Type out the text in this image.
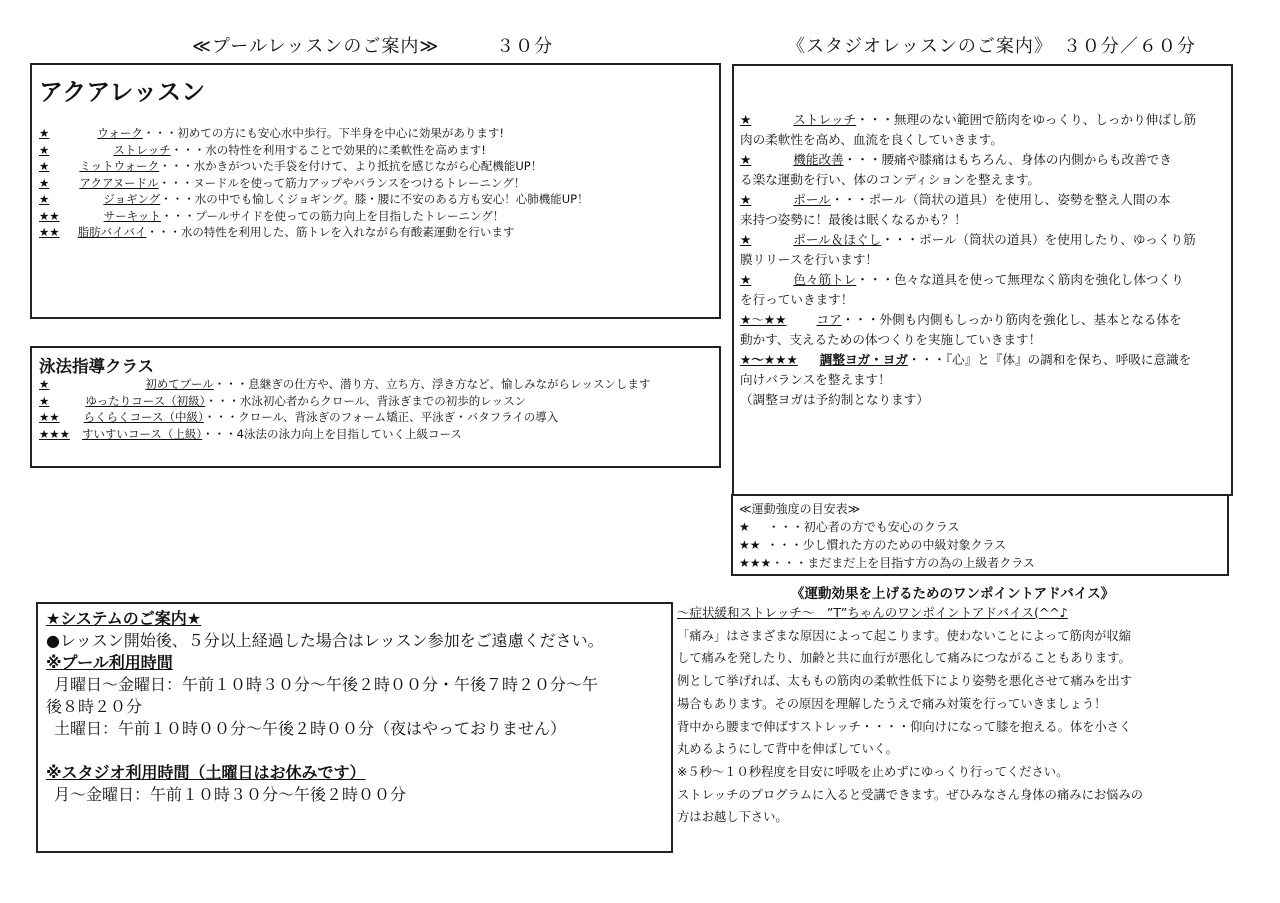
≪プールレッスンのご案内≫　　　３０分	《スタジオレッスンのご案内》　３０分／６０分
アクアレッスン
★	ウォーク・・・初めての方にも安心水中歩行。下半身を中心に効果があります!
★	ストレッチ・・・水の特性を利用することで効果的に柔軟性を高めます!
★	ミットウォーク・・・水かきがついた手袋を付けて、より抵抗を感じながら心配機能UP！
★	アクアヌードル・・・ヌードルを使って筋力アップやバランスをつけるトレーニング！
★	ジョギング・・・水の中でも愉しくジョギング。膝・腰に不安のある方も安心！心肺機能UP！
★★	サーキット・・・プールサイドを使っての筋力向上を目指したトレーニング！
★★ 脂肪バイバイ・・・水の特性を利用した、筋トレを入れながら有酸素運動を行います
泳法指導クラス
★	初めてプール・・・息継ぎの仕方や、潜り方、立ち方、浮き方など、愉しみながらレッスンします
★	ゆったりコース（初級）・・・水泳初心者からクロール、背泳ぎまでの初歩的レッスン
★★ らくらくコース（中級）・・・クロール、背泳ぎのフォーム矯正、平泳ぎ・バタフライの導入
★★★ すいすいコース（上級）・・・4泳法の泳力向上を目指していく上級コース
★	ストレッチ・・・無理のない範囲で筋肉をゆっくり、しっかり伸ばし筋
肉の柔軟性を高め、血流を良くしていきます。
★	機能改善・・・腰痛や膝痛はもちろん、身体の内側からも改善でき
る楽な運動を行い、体のコンディションを整えます。
★	ポール・・・ポール（筒状の道具）を使用し、姿勢を整え人間の本
来持つ姿勢に！最後は眠くなるかも？！
★	ポール＆ほぐし・・・ポール（筒状の道具）を使用したり、ゆっくり筋
膜リリースを行います！
★	色々筋トレ・・・色々な道具を使って無理なく筋肉を強化し体つくり
を行っていきます！
★～★★ コア・・・外側も内側もしっかり筋肉を強化し、基本となる体を
動かす、支えるための体つくりを実施していきます！
★～★★★ 調整ヨガ・ヨガ・・・『心』と『体』の調和を保ち、呼吸に意識を
向けバランスを整えます！
（調整ヨガは予約制となります）
≪運動強度の目安表≫
★ ・・・初心者の方でも安心のクラス
★★ ・・・少し慣れた方のための中級対象クラス
★★★・・・まだまだ上を目指す方の為の上級者クラス
★システムのご案内★
●レッスン開始後、５分以上経過した場合はレッスン参加をご遠慮ください。
※プール利用時間
月曜日～金曜日：午前１０時３０分～午後２時００分・午後７時２０分～午
後８時２０分
土曜日：午前１０時００分～午後２時００分（夜はやっておりません）
※スタジオ利用時間（土曜日はお休みです）
月～金曜日：午前１０時３０分～午後２時００分
《運動効果を上げるためのワンポイントアドバイス》
～症状緩和ストレッチ～　”T”ちゃんのワンポイントアドバイス(^^♪
「痛み」はさまざまな原因によって起こります。使わないことによって筋肉が収縮
して痛みを発したり、加齢と共に血行が悪化して痛みにつながることもあります。
例として挙げれば、太ももの筋肉の柔軟性低下により姿勢を悪化させて痛みを出す
場合もあります。その原因を理解したうえで痛み対策を行っていきましょう！
背中から腰まで伸ばすストレッチ・・・・仰向けになって膝を抱える。体を小さく
丸めるようにして背中を伸ばしていく。
※５秒～１０秒程度を目安に呼吸を止めずにゆっくり行ってください。
ストレッチのプログラムに入ると受講できます。ぜひみなさん身体の痛みにお悩みの
方はお越し下さい。
